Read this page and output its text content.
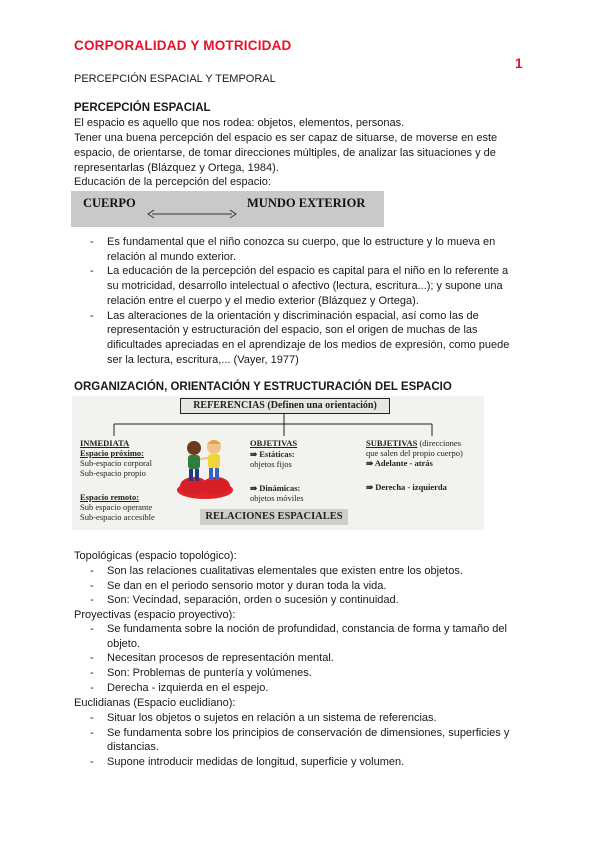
CORPORALIDAD Y MOTRICIDAD
1
PERCEPCIÓN ESPACIAL Y TEMPORAL
PERCEPCIÓN ESPACIAL
El espacio es aquello que nos rodea: objetos, elementos, personas.
Tener una buena percepción del espacio es ser capaz de situarse, de moverse en este espacio, de orientarse, de tomar direcciones múltiples, de analizar las situaciones y de representarlas (Blázquez y Ortega, 1984).
Educación de la percepción del espacio:
CUERPO	MUNDO EXTERIOR
- Es fundamental que el niño conozca su cuerpo, que lo estructure y lo mueva en relación al mundo exterior.
- La educación de la percepción del espacio es capital para el niño en lo referente a su motricidad, desarrollo intelectual o afectivo (lectura, escritura...); y supone una relación entre el cuerpo y el medio exterior (Blázquez y Ortega).
- Las alteraciones de la orientación y discriminación espacial, así como las de representación y estructuración del espacio, son el origen de muchas de las dificultades apreciadas en el aprendizaje de los medios de expresión, como puede ser la lectura, escritura,... (Vayer, 1977)
ORGANIZACIÓN, ORIENTACIÓN Y ESTRUCTURACIÓN DEL ESPACIO
REFERENCIAS (Definen una orientación)
INMEDIATA
Espacio próximo:
Sub-espacio corporal
Sub-espacio propio
Espacio remoto:
Sub espacio operante
Sub-espacio accesible
OBJETIVAS
⇛ Estáticas:
objetos fijos
⇛ Dinámicas:
objetos móviles
SUBJETIVAS (direcciones
que salen del propio cuerpo)
⇛ Adelante - atrás
⇛ Derecha - izquierda
RELACIONES ESPACIALES
Topológicas (espacio topológico):
- Son las relaciones cualitativas elementales que existen entre los objetos.
- Se dan en el periodo sensorio motor y duran toda la vida.
- Son: Vecindad, separación, orden o sucesión y continuidad.
Proyectivas (espacio proyectivo):
- Se fundamenta sobre la noción de profundidad, constancia de forma y tamaño del objeto.
- Necesitan procesos de representación mental.
- Son: Problemas de puntería y volúmenes.
- Derecha - izquierda en el espejo.
Euclidianas (Espacio euclidiano):
- Situar los objetos o sujetos en relación a un sistema de referencias.
- Se fundamenta sobre los principios de conservación de dimensiones, superficies y distancias.
- Supone introducir medidas de longitud, superficie y volumen.
